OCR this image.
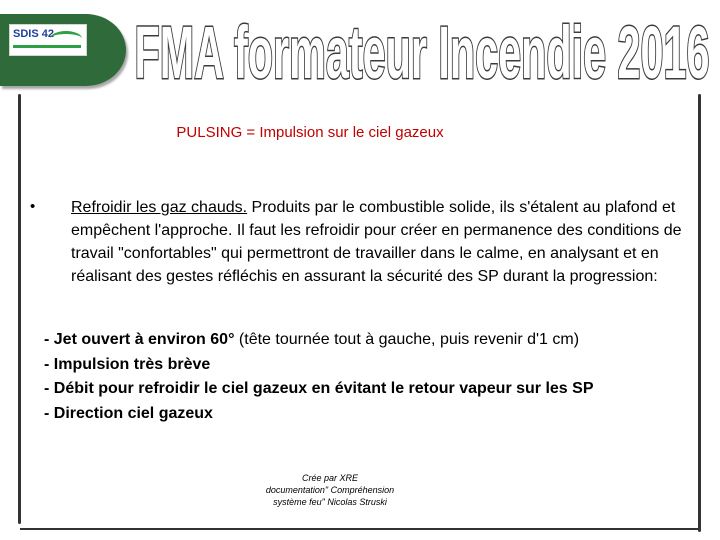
SDIS 42 FMA formateur Incendie 2016
PULSING = Impulsion sur le ciel gazeux
• Refroidir les gaz chauds. Produits par le combustible solide, ils s'étalent au plafond et empêchent l'approche. Il faut les refroidir pour créer en permanence des conditions de travail "confortables" qui permettront de travailler dans le calme, en analysant et en réalisant des gestes réfléchis en assurant la sécurité des SP durant la progression:
- Jet ouvert à environ 60° (tête tournée tout à gauche, puis revenir d'1 cm)
- Impulsion très brève
- Débit pour refroidir le ciel gazeux en évitant le retour vapeur sur les SP
- Direction ciel gazeux
Crée par XRE
documentation" Compréhension
système feu" Nicolas Struski
